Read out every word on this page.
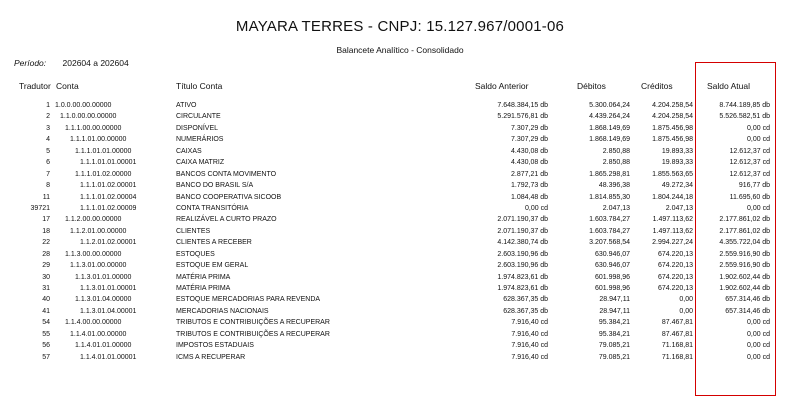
MAYARA TERRES - CNPJ: 15.127.967/0001-06
Balancete Analítico - Consolidado
Período: 202604 a 202604
Tradutor Conta	Título Conta	Saldo Anterior	Débitos	Créditos	Saldo Atual
1 1.0.0.00.00.00000	ATIVO	7.648.384,15 db	5.300.064,24	4.204.258,54	8.744.189,85 db
2 1.1.0.00.00.00000	CIRCULANTE	5.291.576,81 db	4.439.264,24	4.204.258,54	5.526.582,51 db
3 1.1.1.00.00.00000	DISPONÍVEL	7.307,29 db	1.868.149,69	1.875.456,98	0,00 cd
4	1.1.1.01.00.00000	NUMERÁRIOS	7.307,29 db	1.868.149,69	1.875.456,98	0,00 cd
5	1.1.1.01.01.00000	CAIXAS	4.430,08 db	2.850,88	19.893,33	12.612,37 cd
6	1.1.1.01.01.00001	CAIXA MATRIZ	4.430,08 db	2.850,88	19.893,33	12.612,37 cd
7	1.1.1.01.02.00000	BANCOS CONTA MOVIMENTO	2.877,21 db	1.865.298,81	1.855.563,65	12.612,37 cd
8	1.1.1.01.02.00001	BANCO DO BRASIL S/A	1.792,73 db	48.396,38	49.272,34	916,77 db
11	1.1.1.01.02.00004	BANCO COOPERATIVA SICOOB	1.084,48 db	1.814.855,30	1.804.244,18	11.695,60 db
39721	1.1.1.01.02.00009	CONTA TRANSITÓRIA	0,00 cd	2.047,13	2.047,13	0,00 cd
17 1.1.2.00.00.00000	REALIZÁVEL A CURTO PRAZO	2.071.190,37 db	1.603.784,27	1.497.113,62	2.177.861,02 db
18	1.1.2.01.00.00000	CLIENTES	2.071.190,37 db	1.603.784,27	1.497.113,62	2.177.861,02 db
22	1.1.2.01.02.00001	CLIENTES A RECEBER	4.142.380,74 db	3.207.568,54	2.994.227,24	4.355.722,04 db
28 1.1.3.00.00.00000	ESTOQUES	2.603.190,96 db	630.946,07	674.220,13	2.559.916,90 db
29	1.1.3.01.00.00000	ESTOQUE EM GERAL	2.603.190,96 db	630.946,07	674.220,13	2.559.916,90 db
30	1.1.3.01.01.00000	MATÉRIA PRIMA	1.974.823,61 db	601.998,96	674.220,13	1.902.602,44 db
31	1.1.3.01.01.00001	MATÉRIA PRIMA	1.974.823,61 db	601.998,96	674.220,13	1.902.602,44 db
40	1.1.3.01.04.00000	ESTOQUE MERCADORIAS PARA REVENDA	628.367,35 db	28.947,11	0,00	657.314,46 db
41	1.1.3.01.04.00001	MERCADORIAS NACIONAIS	628.367,35 db	28.947,11	0,00	657.314,46 db
54 1.1.4.00.00.00000	TRIBUTOS E CONTRIBUIÇÕES A RECUPERAR	7.916,40 cd	95.384,21	87.467,81	0,00 cd
55	1.1.4.01.00.00000	TRIBUTOS E CONTRIBUIÇÕES A RECUPERAR	7.916,40 cd	95.384,21	87.467,81	0,00 cd
56	1.1.4.01.01.00000	IMPOSTOS ESTADUAIS	7.916,40 cd	79.085,21	71.168,81	0,00 cd
57	1.1.4.01.01.00001	ICMS A RECUPERAR	7.916,40 cd	79.085,21	71.168,81	0,00 cd
